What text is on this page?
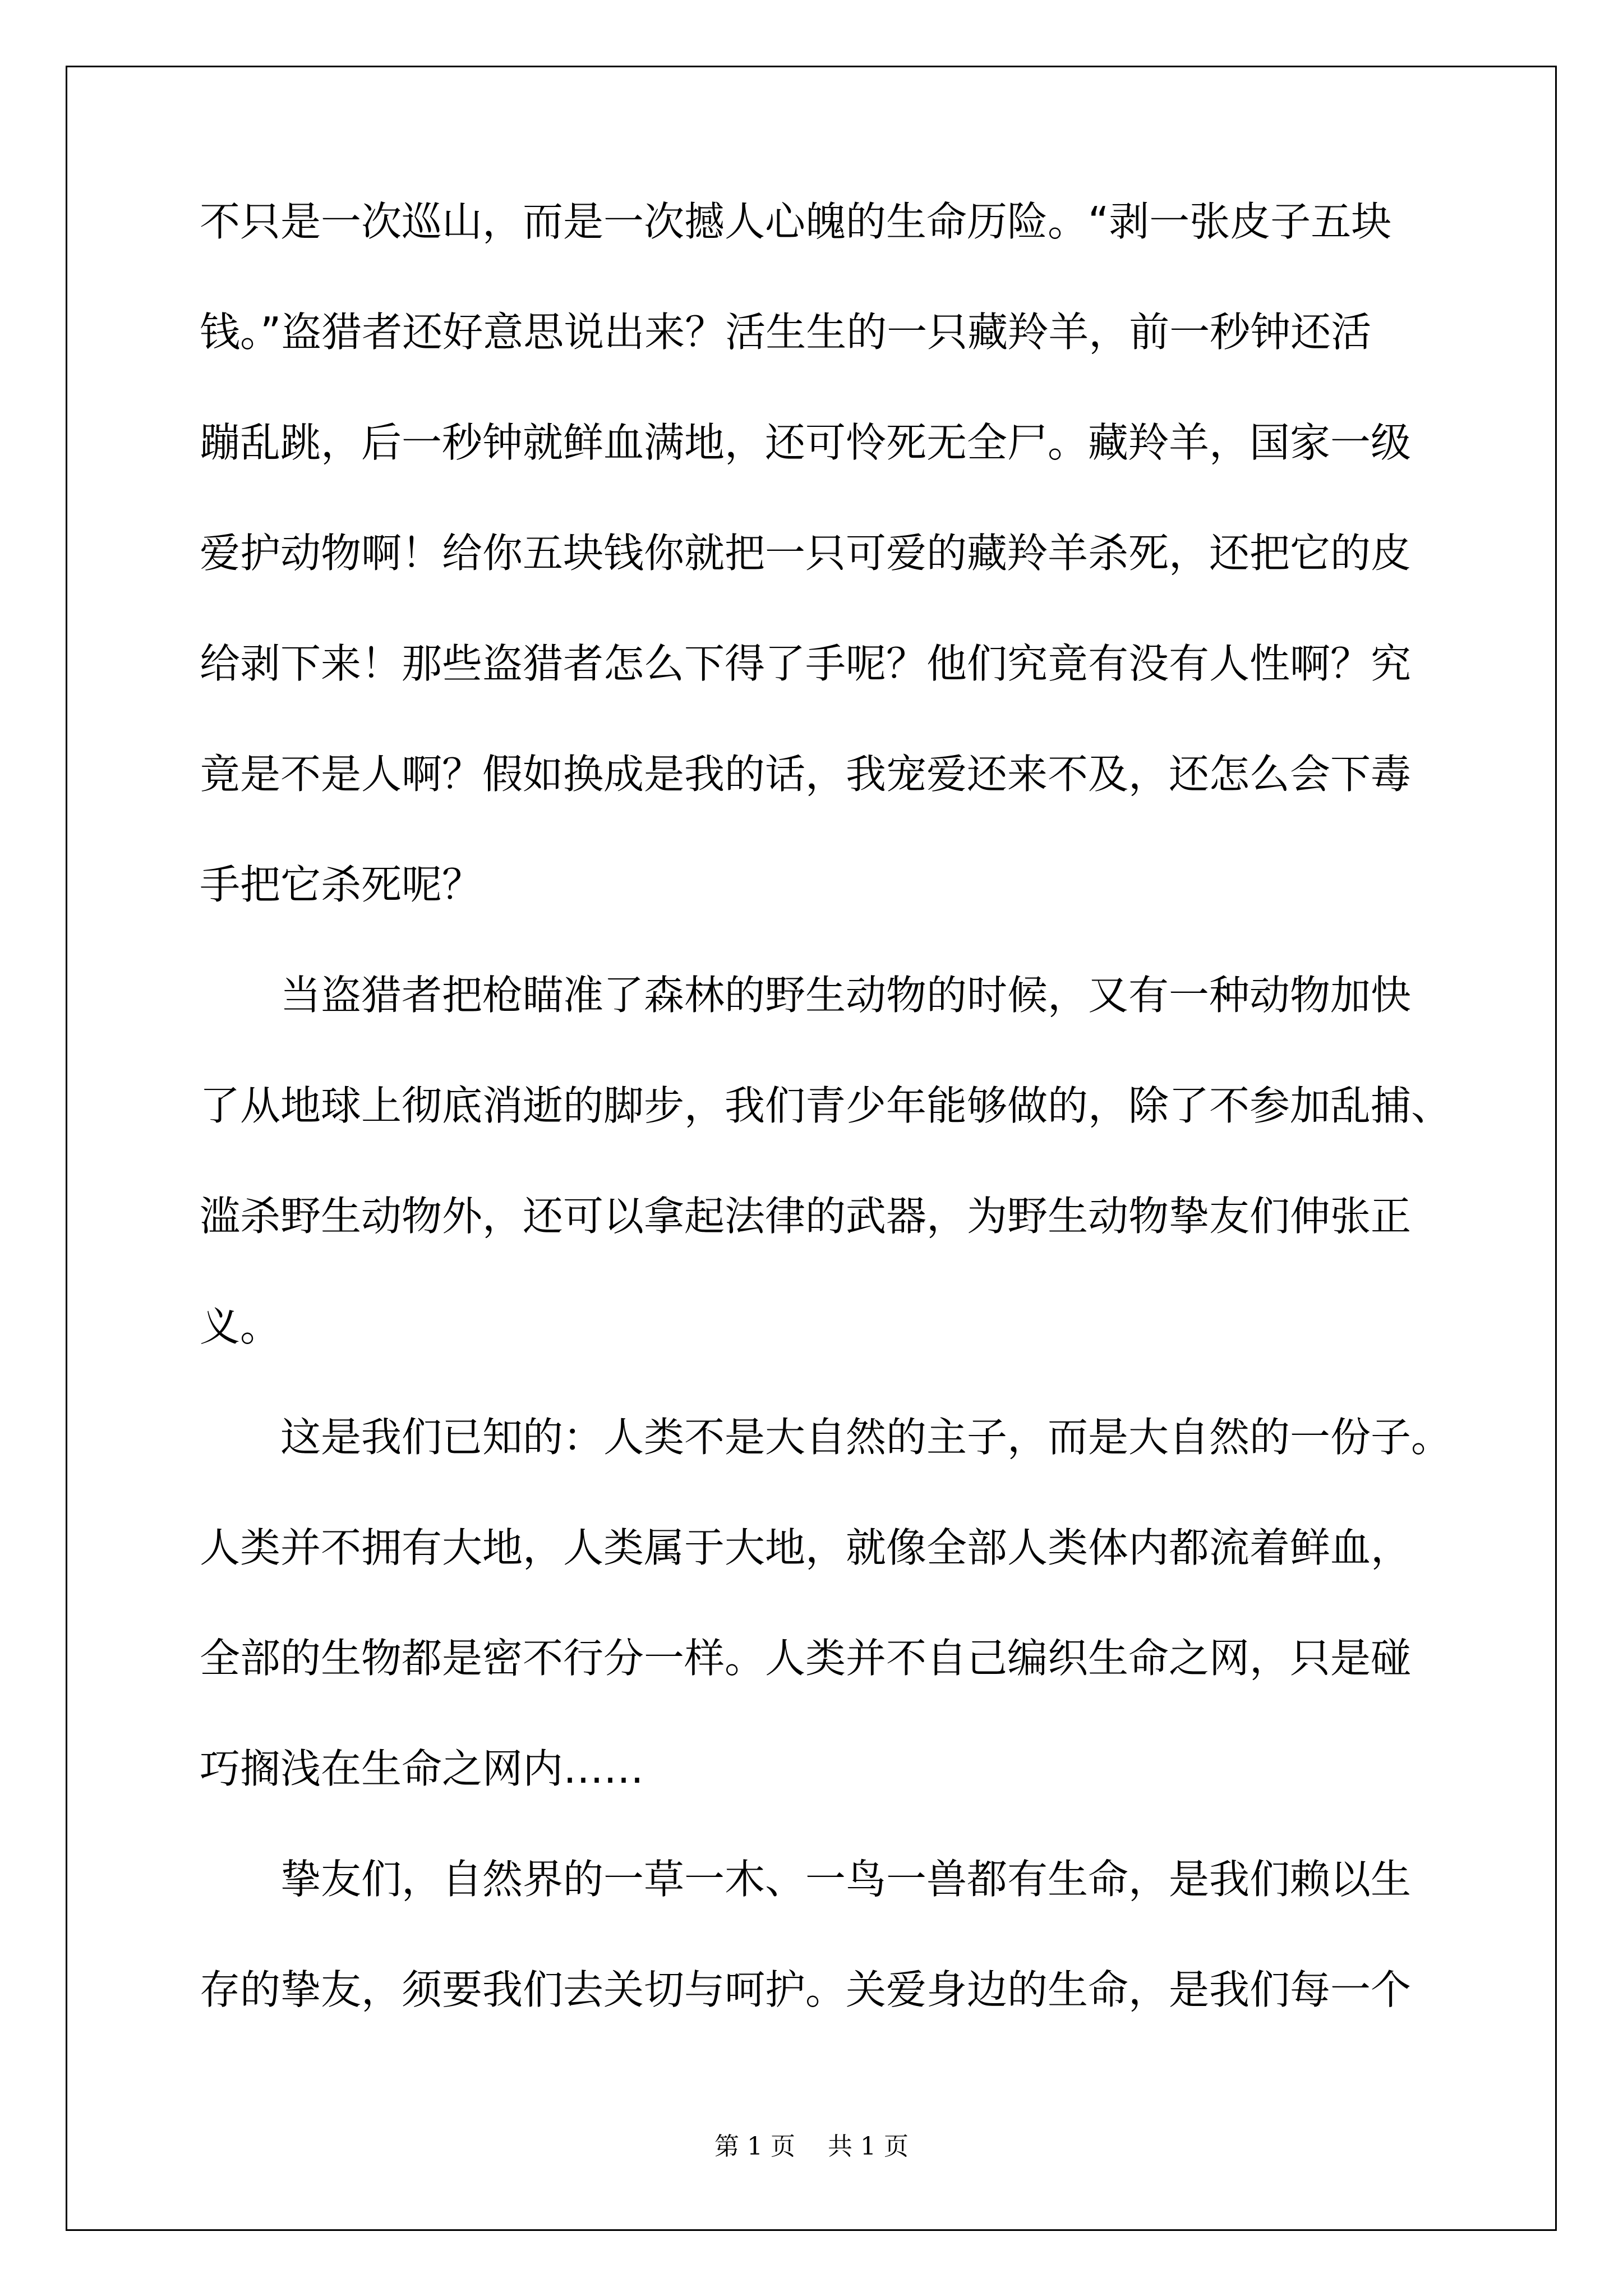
不只是一次巡山，而是一次撼人心魄的生命历险。“剥一张皮子五块
钱。”盗猎者还好意思说出来？活生生的一只藏羚羊，前一秒钟还活
蹦乱跳，后一秒钟就鲜血满地，还可怜死无全尸。藏羚羊，国家一级
爱护动物啊！给你五块钱你就把一只可爱的藏羚羊杀死，还把它的皮
给剥下来！那些盗猎者怎么下得了手呢？他们究竟有没有人性啊？究
竟是不是人啊？假如换成是我的话，我宠爱还来不及，还怎么会下毒
手把它杀死呢？
当盗猎者把枪瞄准了森林的野生动物的时候，又有一种动物加快
了从地球上彻底消逝的脚步，我们青少年能够做的，除了不参加乱捕、
滥杀野生动物外，还可以拿起法律的武器，为野生动物挚友们伸张正
义。
这是我们已知的：人类不是大自然的主子，而是大自然的一份子。
人类并不拥有大地，人类属于大地，就像全部人类体内都流着鲜血，
全部的生物都是密不行分一样。人类并不自己编织生命之网，只是碰
巧搁浅在生命之网内……
挚友们，自然界的一草一木、一鸟一兽都有生命，是我们赖以生
存的挚友，须要我们去关切与呵护。关爱身边的生命，是我们每一个
第 1 页 共 1 页
